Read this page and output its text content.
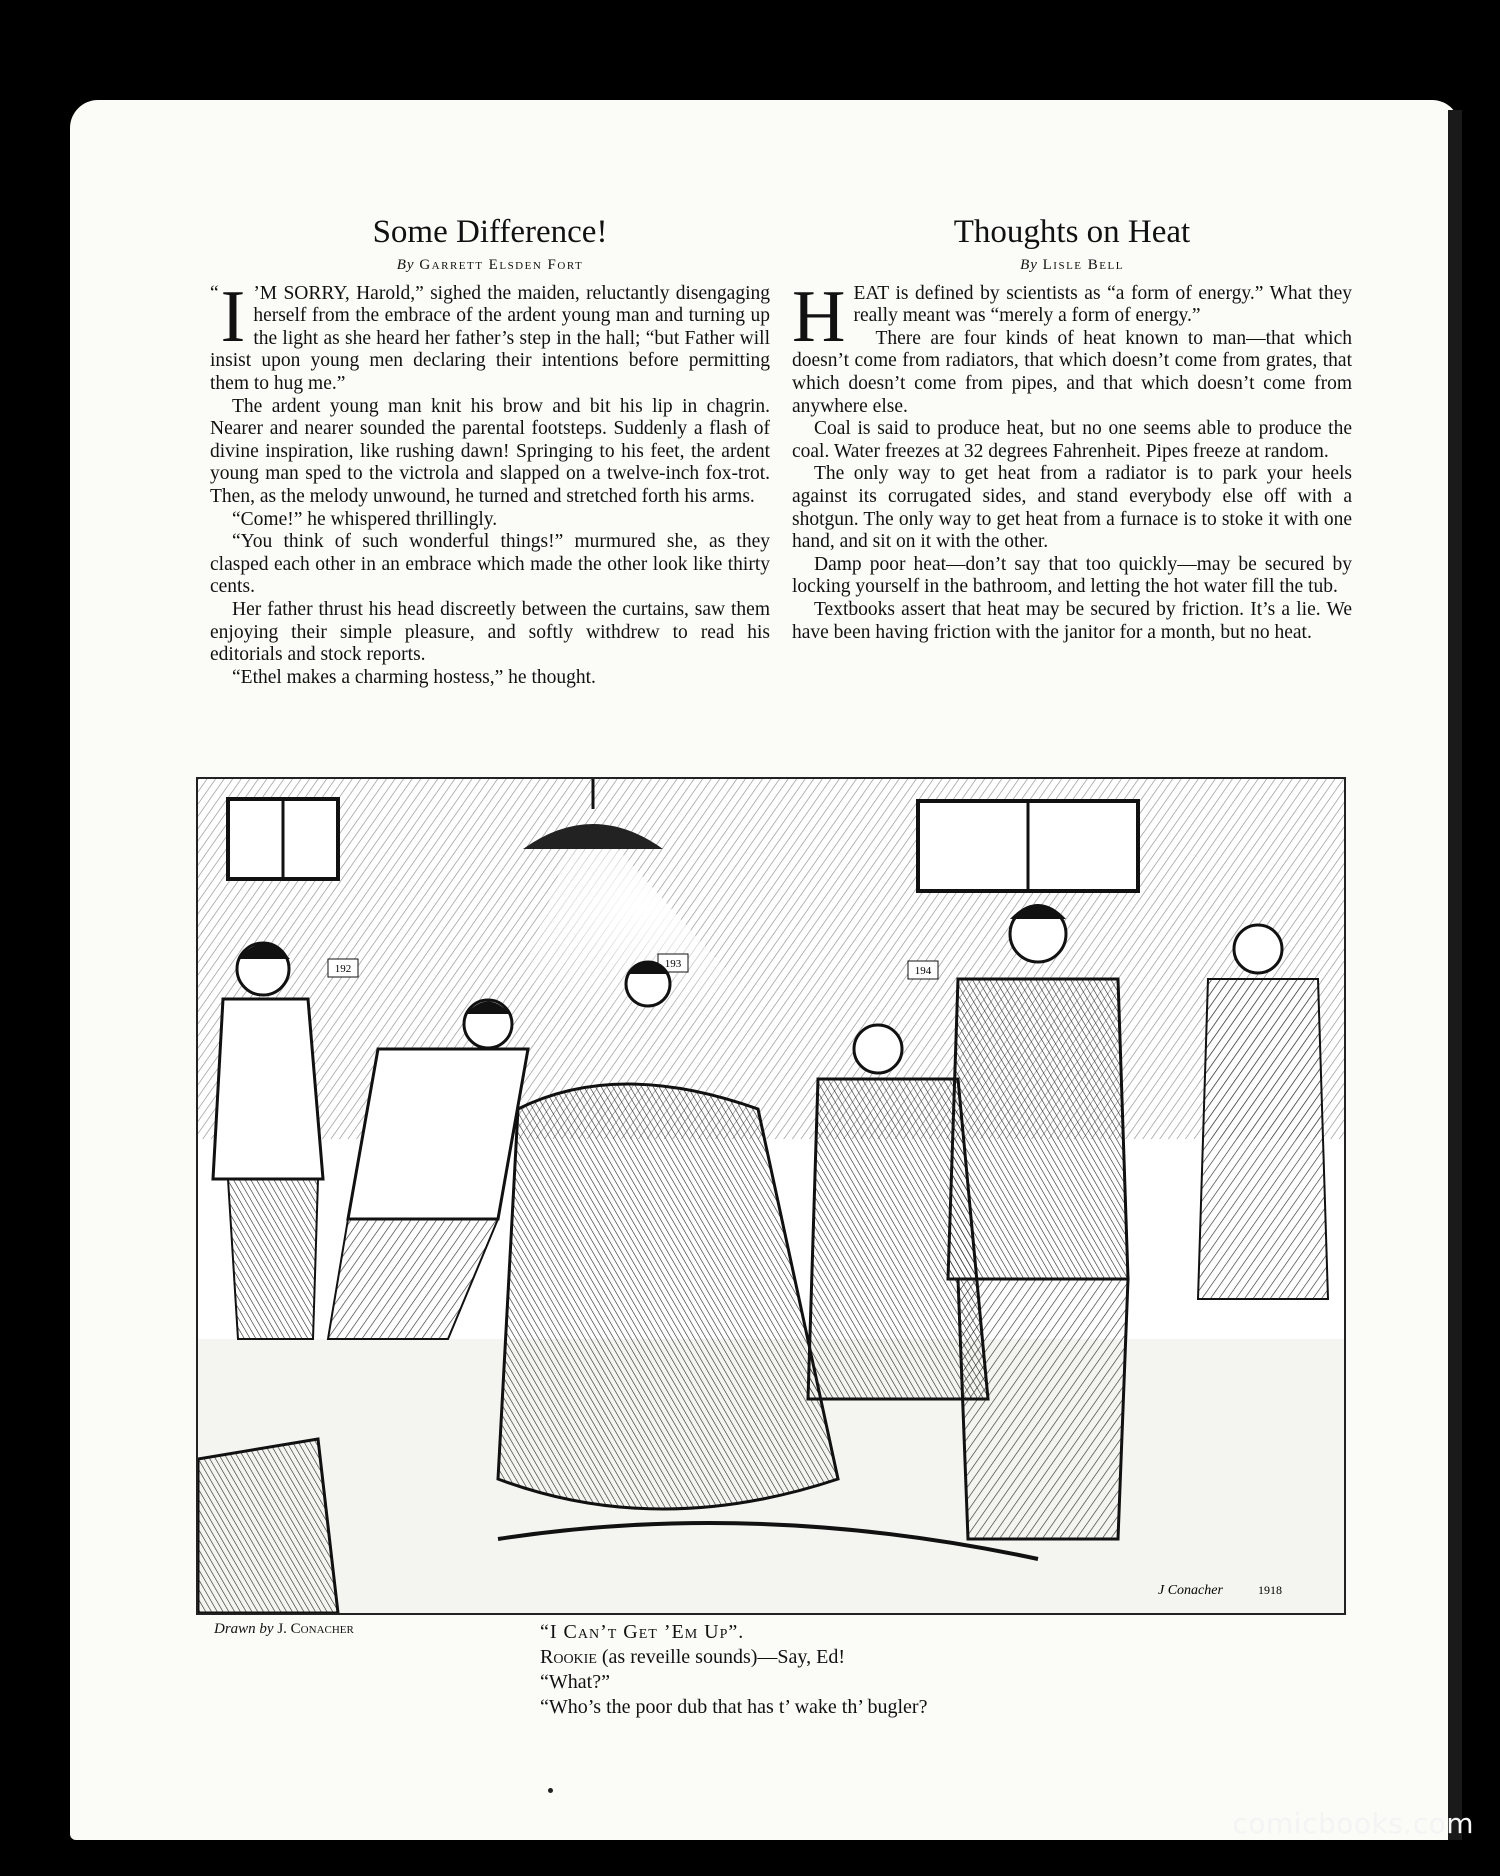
Some Difference!
By Garrett Elsden Fort

“ I ’M SORRY, Harold,” sighed the maiden, reluctantly disengaging herself from the embrace of the ardent young man and turning up the light as she heard her father’s step in the hall; “but Father will insist upon young men declaring their intentions before permitting them to hug me.”

The ardent young man knit his brow and bit his lip in chagrin. Nearer and nearer sounded the parental footsteps. Suddenly a flash of divine inspiration, like rushing dawn! Springing to his feet, the ardent young man sped to the victrola and slapped on a twelve-inch fox-trot. Then, as the melody unwound, he turned and stretched forth his arms.

“Come!” he whispered thrillingly.

“You think of such wonderful things!” murmured she, as they clasped each other in an embrace which made the other look like thirty cents.

Her father thrust his head discreetly between the curtains, saw them enjoying their simple pleasure, and softly withdrew to read his editorials and stock reports.

“Ethel makes a charming hostess,” he thought.

Thoughts on Heat
By Lisle Bell

HEAT is defined by scientists as “a form of energy.” What they really meant was “merely a form of energy.”

There are four kinds of heat known to man—that which doesn’t come from radiators, that which doesn’t come from grates, that which doesn’t come from pipes, and that which doesn’t come from anywhere else.

Coal is said to produce heat, but no one seems able to produce the coal. Water freezes at 32 degrees Fahrenheit. Pipes freeze at random.

The only way to get heat from a radiator is to park your heels against its corrugated sides, and stand everybody else off with a shotgun. The only way to get heat from a furnace is to stoke it with one hand, and sit on it with the other.

Damp poor heat—don’t say that too quickly—may be secured by locking yourself in the bathroom, and letting the hot water fill the tub.

Textbooks assert that heat may be secured by friction. It’s a lie. We have been having friction with the janitor for a month, but no heat.

192	193
194
J Conacher	1918
Drawn by J. Conacher	“I Can’t Get ’Em Up”.

Rookie (as reveille sounds)—Say, Ed!

“What?”

“Who’s the poor dub that has t’ wake th’ bugler?

comicbooks.com
